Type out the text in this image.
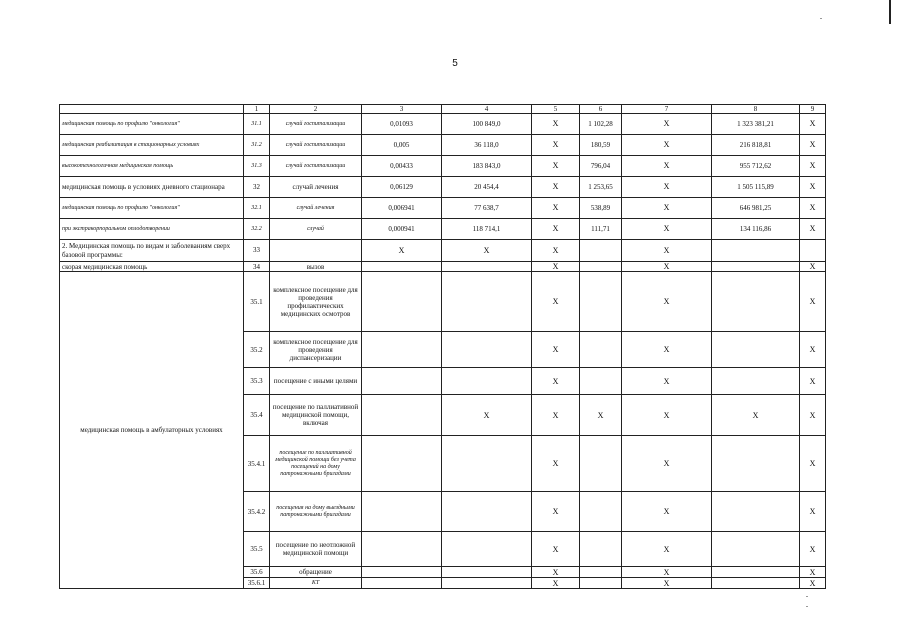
5
	1	2	3	4	5	6	7	8	9
медицинская помощь по профилю "онкология"	31.1	случай госпитализации	0,01093	100 849,0	X	1 102,28	X	1 323 381,21	X
медицинская реабилитация в стационарных условиях	31.2	случай госпитализации	0,005	36 118,0	X	180,59	X	216 818,81	X
высокотехнологичная медицинская помощь	31.3	случай госпитализации	0,00433	183 843,0	X	796,04	X	955 712,62	X
медицинская помощь в условиях дневного стационара	32	случай лечения	0,06129	20 454,4	X	1 253,65	X	1 505 115,89	X
медицинская помощь по профилю "онкология"	32.1	случай лечения	0,006941	77 638,7	X	538,89	X	646 981,25	X
при экстракорпоральном оплодотворении	32.2	случай	0,000941	118 714,1	X	111,71	X	134 116,86	X
2. Медицинская помощь по видам и заболеваниям сверх базовой программы:	33		X	X	X		X		
скорая медицинская помощь	34	вызов			X		X		X
медицинская помощь в амбулаторных условиях	35.1	комплексное посещение для проведения профилактических медицинских осмотров			X		X		X
	35.2	комплексное посещение для проведения диспансеризации			X		X		X
	35.3	посещение с иными целями			X		X		X
	35.4	посещение по паллиативной медицинской помощи, включая		X	X	X	X	X	X
	35.4.1	посещение по паллиативной медицинской помощи без учета посещений на дому патронажными бригадами			X		X		X
	35.4.2	посещения на дому выездными патронажными бригадами			X		X		X
	35.5	посещение по неотложной медицинской помощи			X		X		X
	35.6	обращение			X		X		X
	35.6.1	КТ			X		X		X
